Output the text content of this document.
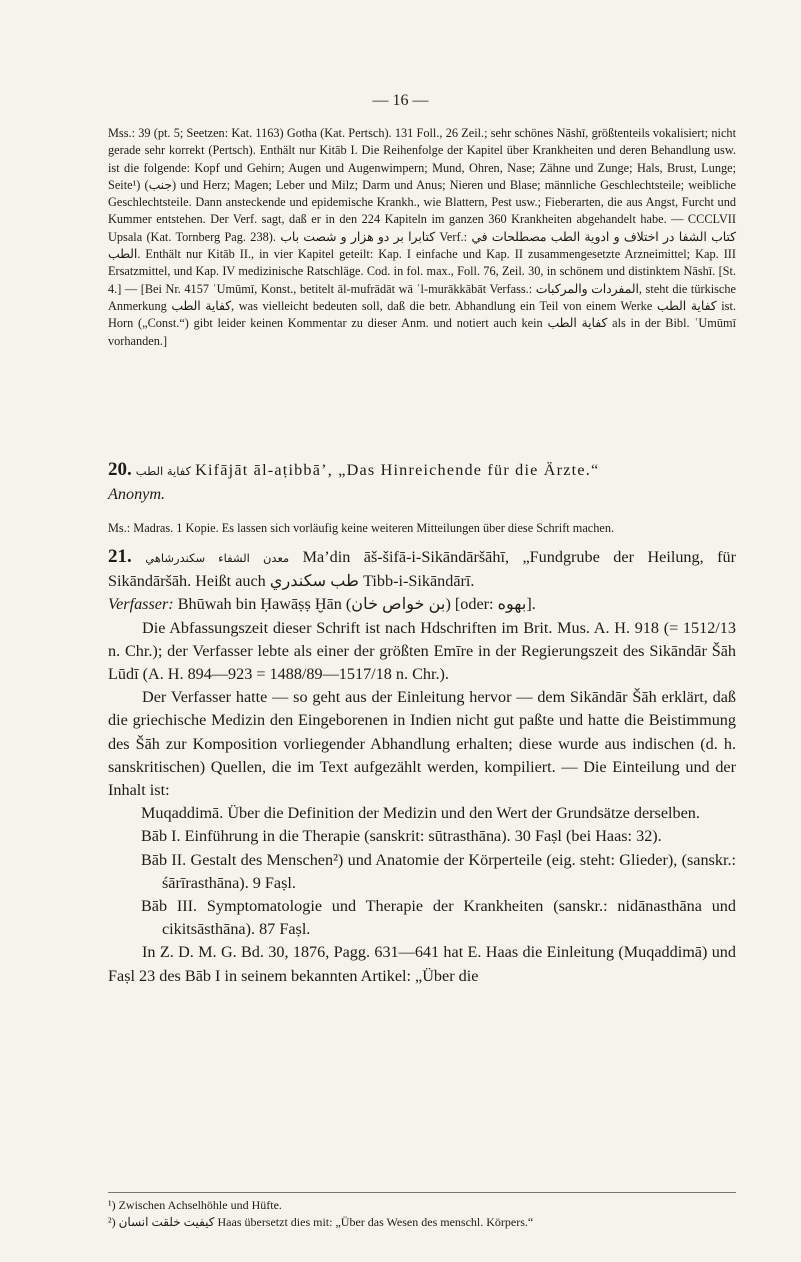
— 16 —
Mss.: 39 (pt. 5; Seetzen: Kat. 1163) Gotha (Kat. Pertsch). 131 Foll., 26 Zeil.; sehr schönes Nāshī, größtenteils vokalisiert; nicht gerade sehr korrekt (Pertsch). Enthält nur Kitāb I. Die Reihenfolge der Kapitel über Krankheiten und deren Behandlung usw. ist die folgende: Kopf und Gehirn; Augen und Augenwimpern; Mund, Ohren, Nase; Zähne und Zunge; Hals, Brust, Lunge; Seite¹) (جنب) und Herz; Magen; Leber und Milz; Darm und Anus; Nieren und Blase; männliche Geschlechtsteile; weibliche Geschlechtsteile. Dann ansteckende und epidemische Krankh., wie Blattern, Pest usw.; Fieberarten, die aus Angst, Furcht und Kummer entstehen. Der Verf. sagt, daß er in den 224 Kapiteln im ganzen 360 Krankheiten abgehandelt habe. — CCCLVII Upsala (Kat. Tornberg Pag. 238). كتابرا بر دو هزار و شصت باب Verf.: كتاب الشفا در اختلاف و ادوية الطب مصطلحات في الطب. Enthält nur Kitāb II., in vier Kapitel geteilt: Kap. I einfache und Kap. II zusammengesetzte Arzneimittel; Kap. III Ersatzmittel, und Kap. IV medizinische Ratschläge. Cod. in fol. max., Foll. 76, Zeil. 30, in schönem und distinktem Nāshī. [St. 4.] — [Bei Nr. 4157 ʿUmūmī, Konst., betitelt āl-mufrādāt wā ʾl-murākkābāt Verfass.: المفردات والمركبات, steht die türkische Anmerkung كفاية الطب, was vielleicht bedeuten soll, daß die betr. Abhandlung ein Teil von einem Werke كفاية الطب ist. Horn („Const.“) gibt leider keinen Kommentar zu dieser Anm. und notiert auch kein كفاية الطب als in der Bibl. ʿUmūmī vorhanden.]
20. كفاية الطب Kifājāt āl-aṭibbā’, „Das Hinreichende für die Ärzte.“
Anonym.
Ms.: Madras. 1 Kopie. Es lassen sich vorläufig keine weiteren Mitteilungen über diese Schrift machen.
21. معدن الشفاء سكندرشاهي Ma’din āš-šifā-i-Sikāndāršāhī, „Fundgrube der Heilung, für Sikāndāršāh. Heißt auch طب سكندري Tibb-i-Sikāndārī.
Verfasser: Bhūwah bin Ḥawāṣṣ Ḫān (بن خواص خان) [oder: بهوه].

Die Abfassungszeit dieser Schrift ist nach Hdschriften im Brit. Mus. A. H. 918 (= 1512/13 n. Chr.); der Verfasser lebte als einer der größten Emīre in der Regierungszeit des Sikāndār Šāh Lūdī (A. H. 894—923 = 1488/89—1517/18 n. Chr.).

Der Verfasser hatte — so geht aus der Einleitung hervor — dem Sikāndār Šāh erklärt, daß die griechische Medizin den Eingeborenen in Indien nicht gut paßte und hatte die Beistimmung des Šāh zur Komposition vorliegender Abhandlung erhalten; diese wurde aus indischen (d. h. sanskritischen) Quellen, die im Text aufgezählt werden, kompiliert. — Die Einteilung und der Inhalt ist:

Muqaddimā. Über die Definition der Medizin und den Wert der Grundsätze derselben.

Bāb I. Einführung in die Therapie (sanskrit: sūtrasthāna). 30 Faṣl (bei Haas: 32).

Bāb II. Gestalt des Menschen²) und Anatomie der Körperteile (eig. steht: Glieder), (sanskr.: śārīrasthāna). 9 Faṣl.

Bāb III. Symptomatologie und Therapie der Krankheiten (sanskr.: nidānasthāna und cikitsāsthāna). 87 Faṣl.

In Z. D. M. G. Bd. 30, 1876, Pagg. 631—641 hat E. Haas die Einleitung (Muqaddimā) und Faṣl 23 des Bāb I in seinem bekannten Artikel: „Über die

¹) Zwischen Achselhöhle und Hüfte.
²) كيفيت خلقت انسان Haas übersetzt dies mit: „Über das Wesen des menschl. Körpers.“
